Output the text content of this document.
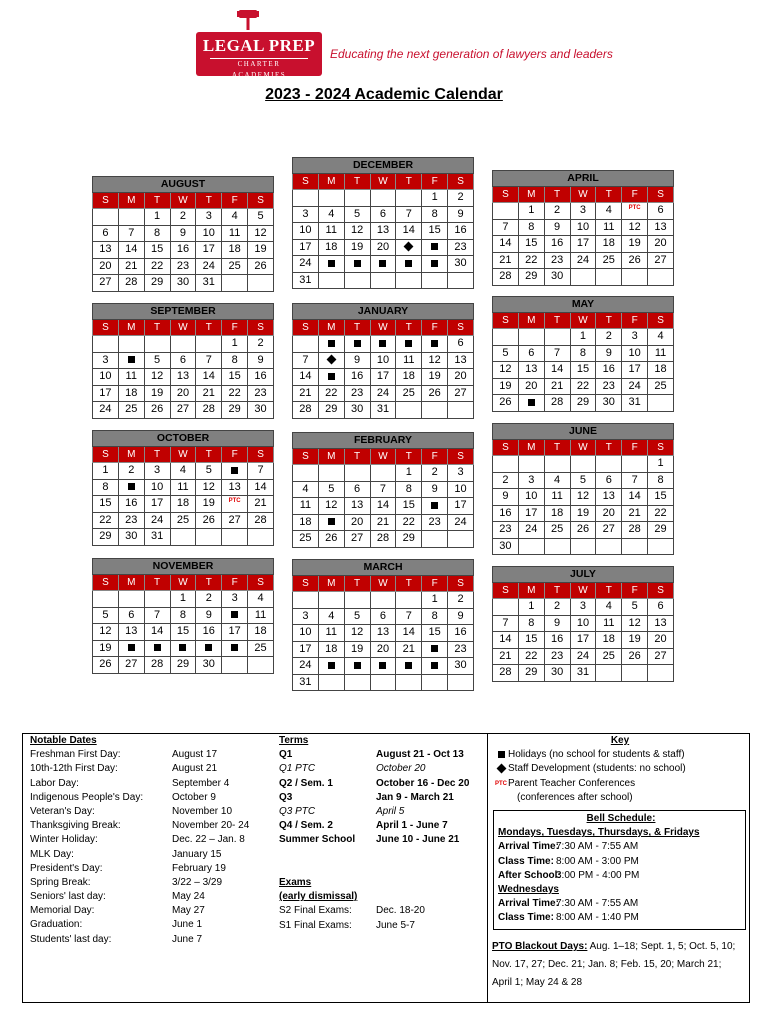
LEGAL PREP
CHARTER ACADEMIES
Educating the next generation of lawyers and leaders
2023 - 2024 Academic Calendar
AUGUST						
S	M	T	W	T	F	S
		1	2	3	4	5
6	7	8	9	10	11	12
13	14	15	16	17	18	19
20	21	22	23	24	25	26
27	28	29	30	31		
SEPTEMBER						
S	M	T	W	T	F	S
					1	2
3		5	6	7	8	9
10	11	12	13	14	15	16
17	18	19	20	21	22	23
24	25	26	27	28	29	30
OCTOBER						
S	M	T	W	T	F	S
1	2	3	4	5		7
8		10	11	12	13	14
15	16	17	18	19	$^{PTC}$	21
22	23	24	25	26	27	28
29	30	31				
NOVEMBER						
S	M	T	W	T	F	S
			1	2	3	4
5	6	7	8	9		11
12	13	14	15	16	17	18
19						25
26	27	28	29	30		
DECEMBER						
S	M	T	W	T	F	S
					1	2
3	4	5	6	7	8	9
10	11	12	13	14	15	16
17	18	19	20			23
24						30
31						
JANUARY						
S	M	T	W	T	F	S
						6
7		9	10	11	12	13
14		16	17	18	19	20
21	22	23	24	25	26	27
28	29	30	31			
FEBRUARY						
S	M	T	W	T	F	S
				1	2	3
4	5	6	7	8	9	10
11	12	13	14	15		17
18		20	21	22	23	24
25	26	27	28	29		
MARCH						
S	M	T	W	T	F	S
					1	2
3	4	5	6	7	8	9
10	11	12	13	14	15	16
17	18	19	20	21		23
24						30
31						
APRIL						
S	M	T	W	T	F	S
	1	2	3	4	$^{PTC}$	6
7	8	9	10	11	12	13
14	15	16	17	18	19	20
21	22	23	24	25	26	27
28	29	30				
MAY						
S	M	T	W	T	F	S
			1	2	3	4
5	6	7	8	9	10	11
12	13	14	15	16	17	18
19	20	21	22	23	24	25
26		28	29	30	31	
JUNE						
S	M	T	W	T	F	S
						1
2	3	4	5	6	7	8
9	10	11	12	13	14	15
16	17	18	19	20	21	22
23	24	25	26	27	28	29
30						
JULY						
S	M	T	W	T	F	S
	1	2	3	4	5	6
7	8	9	10	11	12	13
14	15	16	17	18	19	20
21	22	23	24	25	26	27
28	29	30	31			
Notable Dates
Freshman First Day:	August 17
10th-12th First Day:	August 21
Labor Day:	September 4
Indigenous People's Day:	October 9
Veteran's Day:	November 10
Thanksgiving Break:	November 20- 24
Winter Holiday:	Dec. 22 – Jan. 8
MLK Day:	January 15
President's Day:	February 19
Spring Break:	3/22 – 3/29
Seniors' last day:	May 24
Memorial Day:	May 27
Graduation:	June 1
Students' last day:	June 7
Terms
Q1	August 21 - Oct 13
Q1 PTC	October 20
Q2 / Sem. 1	October 16 - Dec 20
Q3	Jan 9 - March 21
Q3 PTC	April 5
Q4 / Sem. 2	April 1 - June 7
Summer School	June 10 - June 21
Exams
(early dismissal)
S2 Final Exams:	Dec. 18-20
S1 Final Exams:	June 5-7
Key
Holidays (no school for students & staff)
Staff Development (students: no school)
PTC Parent Teacher Conferences
(conferences after school)
Bell Schedule:
Mondays, Tuesdays, Thursdays, & Fridays
Arrival Time:
7:30 AM - 7:55 AM
Class Time: 8:00 AM - 3:00 PM
After School:
3:00 PM - 4:00 PM
Wednesdays
Arrival Time:
7:30 AM - 7:55 AM
Class Time: 8:00 AM - 1:40 PM
PTO Blackout Days: Aug. 1–18; Sept. 1, 5; Oct. 5, 10;
Nov. 17, 27; Dec. 21; Jan. 8; Feb. 15, 20; March 21;
April 1; May 24 & 28
